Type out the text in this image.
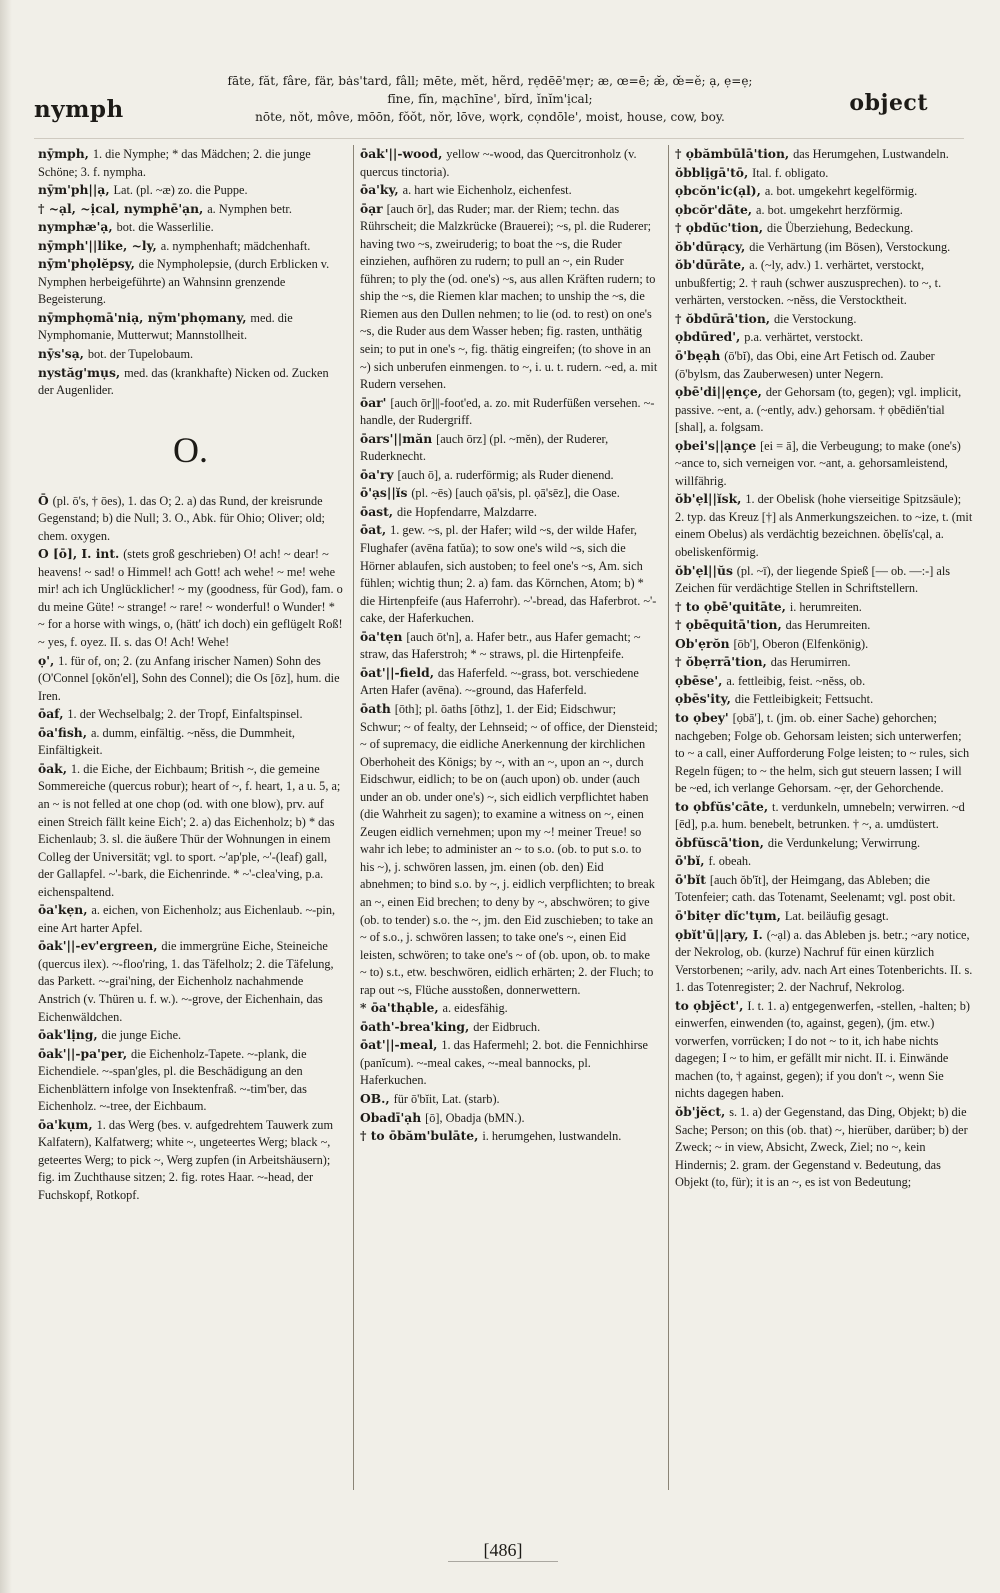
nymph
fāte, făt, fâre, fär, bȧs'tard, fâll; mēte, mĕt, hẽrd, rẹdēē'mẹr; æ, œ=ē; æ̆, œ̆=ĕ; ạ, ẹ=ẹ;
fīne, fĭn, mạchīne', bĭrd, ĭnĭm'ịcal;
nōte, nŏt, môve, mōōn, fŏŏt, nŏr, lōve, wọrk, cọndōle', moist, house, cow, boy.
object
nȳmph, 1. die Nymphe; * das Mädchen; 2. die junge Schöne; 3. f. nympha.
nȳm'ph||ạ, Lat. (pl. ~æ) zo. die Puppe.
† ~ạl, ~ịcal, nymphē'ạn, a. Nymphen betr.
nymphæ'ạ, bot. die Wasserlilie.
nȳmph'||like, ~ly, a. nymphenhaft; mädchenhaft.
nȳm'phọlĕpsy, die Nympholepsie, (durch Erblicken v. Nymphen herbeigeführte) an Wahnsinn grenzende Begeisterung.
nȳmphọmā'niạ, nȳm'phọmany, med. die Nymphomanie, Mutterwut; Mannstollheit.
nȳs'sạ, bot. der Tupelobaum.
nystăg'mụs, med. das (krankhafte) Nicken od. Zucken der Augenlider.
O.
Ō (pl. ō's, † ōes), 1. das O; 2. a) das Rund, der kreisrunde Gegenstand; b) die Null; 3. O., Abk. für Ohio; Oliver; old; chem. oxygen.
O [ō], I. int. (stets groß geschrieben) O! ach! ~ dear! ~ heavens! ~ sad! o Himmel! ach Gott! ach wehe! ~ me! wehe mir! ach ich Unglücklicher! ~ my (goodness, für God), fam. o du meine Güte! ~ strange! ~ rare! ~ wonderful! o Wunder! * ~ for a horse with wings, o, (hätt' ich doch) ein geflügelt Roß! ~ yes, f. oyez. II. s. das O! Ach! Wehe!
ọ', 1. für of, on; 2. (zu Anfang irischer Namen) Sohn des (O'Connel [ọkŏn'el], Sohn des Connel); die Os [ōz], hum. die Iren.
ōaf, 1. der Wechselbalg; 2. der Tropf, Einfaltspinsel.
ōa'fish, a. dumm, einfältig. ~nĕss, die Dummheit, Einfältigkeit.
ōak, 1. die Eiche, der Eichbaum; British ~, die gemeine Sommereiche (quercus robur); heart of ~, f. heart, 1, a u. 5, a; an ~ is not felled at one chop (od. with one blow), prv. auf einen Streich fällt keine Eich'; 2. a) das Eichenholz; b) * das Eichenlaub; 3. sl. die äußere Thür der Wohnungen in einem Colleg der Universität; vgl. to sport. ~'ap'ple, ~'-(leaf) gall, der Gallapfel. ~'-bark, die Eichenrinde. * ~'-clea'ving, p.a. eichenspaltend.
ōa'kẹn, a. eichen, von Eichenholz; aus Eichenlaub. ~-pin, eine Art harter Apfel.
ōak'||-ev'ergreen, die immergrüne Eiche, Steineiche (quercus ilex). ~-floo'ring, 1. das Täfelholz; 2. die Täfelung, das Parkett. ~-grai'ning, der Eichenholz nachahmende Anstrich (v. Thüren u. f. w.). ~-grove, der Eichenhain, das Eichenwäldchen.
ōak'lịng, die junge Eiche.
ōak'||-pa'per, die Eichenholz-Tapete. ~-plank, die Eichendiele. ~-span'gles, pl. die Beschädigung an den Eichenblättern infolge von Insektenfraß. ~-tim'ber, das Eichenholz. ~-tree, der Eichbaum.
ōa'kụm, 1. das Werg (bes. v. aufgedrehtem Tauwerk zum Kalfatern), Kalfatwerg; white ~, ungeteertes Werg; black ~, geteertes Werg; to pick ~, Werg zupfen (in Arbeitshäusern); fig. im Zuchthause sitzen; 2. fig. rotes Haar. ~-head, der Fuchskopf, Rotkopf.
ōak'||-wood, yellow ~-wood, das Quercitronholz (v. quercus tinctoria).
ōa'ky, a. hart wie Eichenholz, eichenfest.
ōạr [auch ōr], das Ruder; mar. der Riem; techn. das Rührscheit; die Malzkrücke (Brauerei); ~s, pl. die Ruderer; having two ~s, zweiruderig; to boat the ~s, die Ruder einziehen, aufhören zu rudern; to pull an ~, ein Ruder führen; to ply the (od. one's) ~s, aus allen Kräften rudern; to ship the ~s, die Riemen klar machen; to unship the ~s, die Riemen aus den Dullen nehmen; to lie (od. to rest) on one's ~s, die Ruder aus dem Wasser heben; fig. rasten, unthätig sein; to put in one's ~, fig. thätig eingreifen; (to shove in an ~) sich unberufen einmengen. to ~, i. u. t. rudern. ~ed, a. mit Rudern versehen.
ōar' [auch ōr]||-foot'ed, a. zo. mit Ruderfüßen versehen. ~-handle, der Rudergriff.
ōars'||măn [auch ōrz] (pl. ~mĕn), der Ruderer, Ruderknecht.
ōa'ry [auch ō], a. ruderförmig; als Ruder dienend.
ō'ạs||ĭs (pl. ~ēs) [auch ọā'sis, pl. ọā'sēz], die Oase.
ōast, die Hopfendarre, Malzdarre.
ōat, 1. gew. ~s, pl. der Hafer; wild ~s, der wilde Hafer, Flughafer (avēna fatŭa); to sow one's wild ~s, sich die Hörner ablaufen, sich austoben; to feel one's ~s, Am. sich fühlen; wichtig thun; 2. a) fam. das Körnchen, Atom; b) * die Hirtenpfeife (aus Haferrohr). ~'-bread, das Haferbrot. ~'-cake, der Haferkuchen.
ōa'tẹn [auch ōt'n], a. Hafer betr., aus Hafer gemacht; ~ straw, das Haferstroh; * ~ straws, pl. die Hirtenpfeife.
ōat'||-field, das Haferfeld. ~-grass, bot. verschiedene Arten Hafer (avēna). ~-ground, das Haferfeld.
ōath [ōth]; pl. ōaths [ōthz], 1. der Eid; Eidschwur; Schwur; ~ of fealty, der Lehnseid; ~ of office, der Diensteid; ~ of supremacy, die eidliche Anerkennung der kirchlichen Oberhoheit des Königs; by ~, with an ~, upon an ~, durch Eidschwur, eidlich; to be on (auch upon) ob. under (auch under an ob. under one's) ~, sich eidlich verpflichtet haben (die Wahrheit zu sagen); to examine a witness on ~, einen Zeugen eidlich vernehmen; upon my ~! meiner Treue! so wahr ich lebe; to administer an ~ to s.o. (ob. to put s.o. to his ~), j. schwören lassen, jm. einen (ob. den) Eid abnehmen; to bind s.o. by ~, j. eidlich verpflichten; to break an ~, einen Eid brechen; to deny by ~, abschwören; to give (ob. to tender) s.o. the ~, jm. den Eid zuschieben; to take an ~ of s.o., j. schwören lassen; to take one's ~, einen Eid leisten, schwören; to take one's ~ of (ob. upon, ob. to make ~ to) s.t., etw. beschwören, eidlich erhärten; 2. der Fluch; to rap out ~s, Flüche ausstoßen, donnerwettern.
* ōa'thạble, a. eidesfähig.
ōath'-brea'king, der Eidbruch.
ōat'||-meal, 1. das Hafermehl; 2. bot. die Fennichhirse (panĭcum). ~-meal cakes, ~-meal bannocks, pl. Haferkuchen.
OB., für ō'bĭit, Lat. (starb).
Obadī'ạh [ō], Obadja (bMN.).
† to ōbăm'bulāte, i. herumgehen, lustwandeln.
† ọbămbūlā'tion, das Herumgehen, Lustwandeln.
ŏbblịgā'tō, Ital. f. obligato.
ọbcŏn'ic(ạl), a. bot. umgekehrt kegelförmig.
ọbcŏr'dāte, a. bot. umgekehrt herzförmig.
† ọbdŭc'tion, die Überziehung, Bedeckung.
ŏb'dūrạcy, die Verhärtung (im Bösen), Verstockung.
ŏb'dūrāte, a. (~ly, adv.) 1. verhärtet, verstockt, unbußfertig; 2. † rauh (schwer auszusprechen). to ~, t. verhärten, verstocken. ~nĕss, die Verstocktheit.
† ŏbdūrā'tion, die Verstockung.
ọbdūred', p.a. verhärtet, verstockt.
ō'bẹạh (ō'bĭ), das Obi, eine Art Fetisch od. Zauber (ō'bylsm, das Zauberwesen) unter Negern.
ọbē'di||ẹnçe, der Gehorsam (to, gegen); vgl. implicit, passive. ~ent, a. (~ently, adv.) gehorsam. † ọbēdiĕn'tial [shal], a. folgsam.
ọbei's||ạnçe [ei = ā], die Verbeugung; to make (one's) ~ance to, sich verneigen vor. ~ant, a. gehorsamleistend, willfährig.
ŏb'ẹl||ĭsk, 1. der Obelisk (hohe vierseitige Spitzsäule); 2. typ. das Kreuz [†] als Anmerkungszeichen. to ~ize, t. (mit einem Obelus) als verdächtig bezeichnen. ŏbẹlĭs'cạl, a. obeliskenförmig.
ŏb'ẹl||ŭs (pl. ~ī), der liegende Spieß [— ob. —:-] als Zeichen für verdächtige Stellen in Schriftstellern.
† to ọbē'quitāte, i. herumreiten.
† ọbēquitā'tion, das Herumreiten.
Ob'ẹrŏn [ōb'], Oberon (Elfenkönig).
† ŏbẹrrā'tion, das Herumirren.
ọbēse', a. fettleibig, feist. ~nĕss, ob.
ọbēs'ity, die Fettleibigkeit; Fettsucht.
to ọbey' [ọbā'], t. (jm. ob. einer Sache) gehorchen; nachgeben; Folge ob. Gehorsam leisten; sich unterwerfen; to ~ a call, einer Aufforderung Folge leisten; to ~ rules, sich Regeln fügen; to ~ the helm, sich gut steuern lassen; I will be ~ed, ich verlange Gehorsam. ~ẹr, der Gehorchende.
to ọbfŭs'cāte, t. verdunkeln, umnebeln; verwirren. ~d [ēd], p.a. hum. benebelt, betrunken. † ~, a. umdüstert.
ŏbfŭscā'tion, die Verdunkelung; Verwirrung.
ō'bĭ, f. obeah.
ō'bĭt [auch ŏb'ĭt], der Heimgang, das Ableben; die Totenfeier; cath. das Totenamt, Seelenamt; vgl. post obit.
ō'bitẹr dĭc'tụm, Lat. beiläufig gesagt.
ọbĭt'ū||ạry, I. (~ạl) a. das Ableben js. betr.; ~ary notice, der Nekrolog, ob. (kurze) Nachruf für einen kürzlich Verstorbenen; ~arily, adv. nach Art eines Totenberichts. II. s. 1. das Totenregister; 2. der Nachruf, Nekrolog.
to ọbjĕct', I. t. 1. a) entgegenwerfen, -stellen, -halten; b) einwerfen, einwenden (to, against, gegen), (jm. etw.) vorwerfen, vorrücken; I do not ~ to it, ich habe nichts dagegen; I ~ to him, er gefällt mir nicht. II. i. Einwände machen (to, † against, gegen); if you don't ~, wenn Sie nichts dagegen haben.
ŏb'jĕct, s. 1. a) der Gegenstand, das Ding, Objekt; b) die Sache; Person; on this (ob. that) ~, hierüber, darüber; b) der Zweck; ~ in view, Absicht, Zweck, Ziel; no ~, kein Hindernis; 2. gram. der Gegenstand v. Bedeutung, das Objekt (to, für); it is an ~, es ist von Bedeutung;
[486]
